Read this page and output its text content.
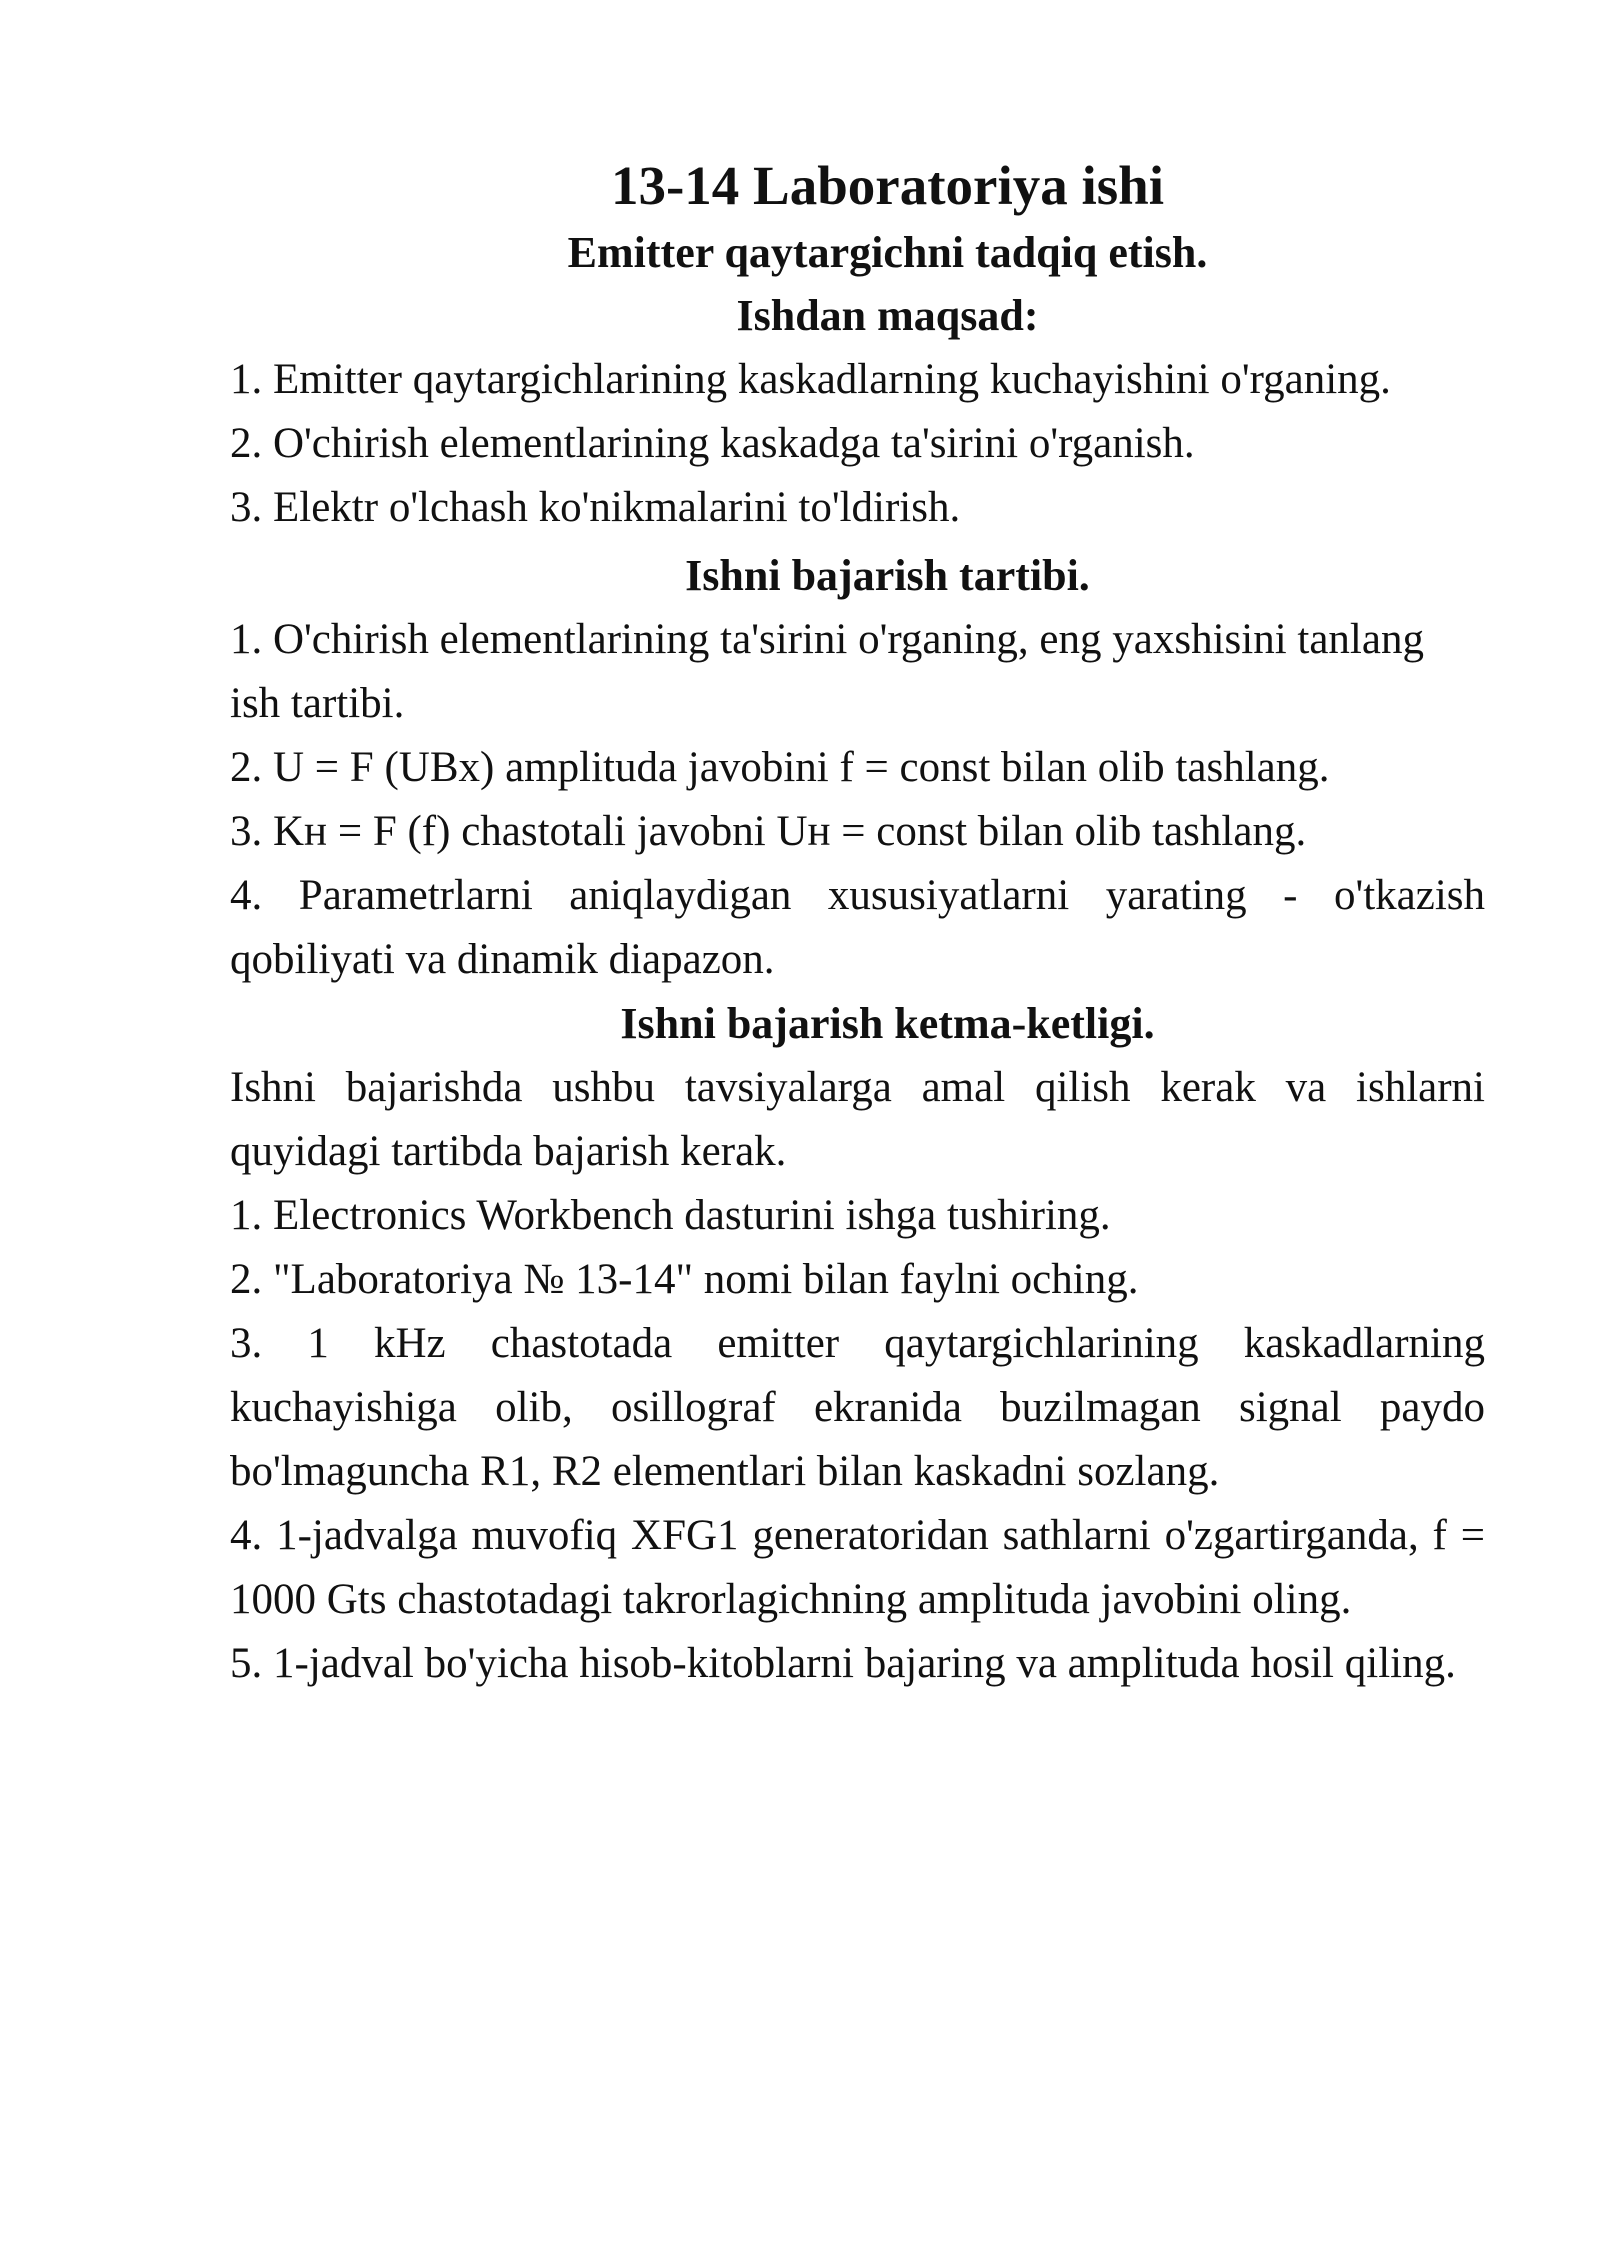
13-14 Laboratoriya ishi
Emitter qaytargichni tadqiq etish.
Ishdan maqsad:

1. Emitter qaytargichlarining kaskadlarning kuchayishini o'rganing.

2. O'chirish elementlarining kaskadga ta'sirini o'rganish.

3. Elektr o'lchash ko'nikmalarini to'ldirish.

Ishni bajarish tartibi.

1. O'chirish elementlarining ta'sirini o'rganing, eng yaxshisini tanlang

ish tartibi.

2. U = F (UBx) amplituda javobini f = const bilan olib tashlang.

3. Kн = F (f) chastotali javobni Uн = const bilan olib tashlang.

4. Parametrlarni aniqlaydigan xususiyatlarni yarating - o'tkazish qobiliyati va dinamik diapazon.

Ishni bajarish ketma-ketligi.

Ishni bajarishda ushbu tavsiyalarga amal qilish kerak va ishlarni quyidagi tartibda bajarish kerak.

1. Electronics Workbench dasturini ishga tushiring.

2. "Laboratoriya № 13-14" nomi bilan faylni oching.

3. 1 kHz chastotada emitter qaytargichlarining kaskadlarning kuchayishiga olib, osillograf ekranida buzilmagan signal paydo bo'lmaguncha R1, R2 elementlari bilan kaskadni sozlang.

4. 1-jadvalga muvofiq XFG1 generatoridan sathlarni o'zgartirganda, f = 1000 Gts chastotadagi takrorlagichning amplituda javobini oling.

5. 1-jadval bo'yicha hisob-kitoblarni bajaring va amplituda hosil qiling.
